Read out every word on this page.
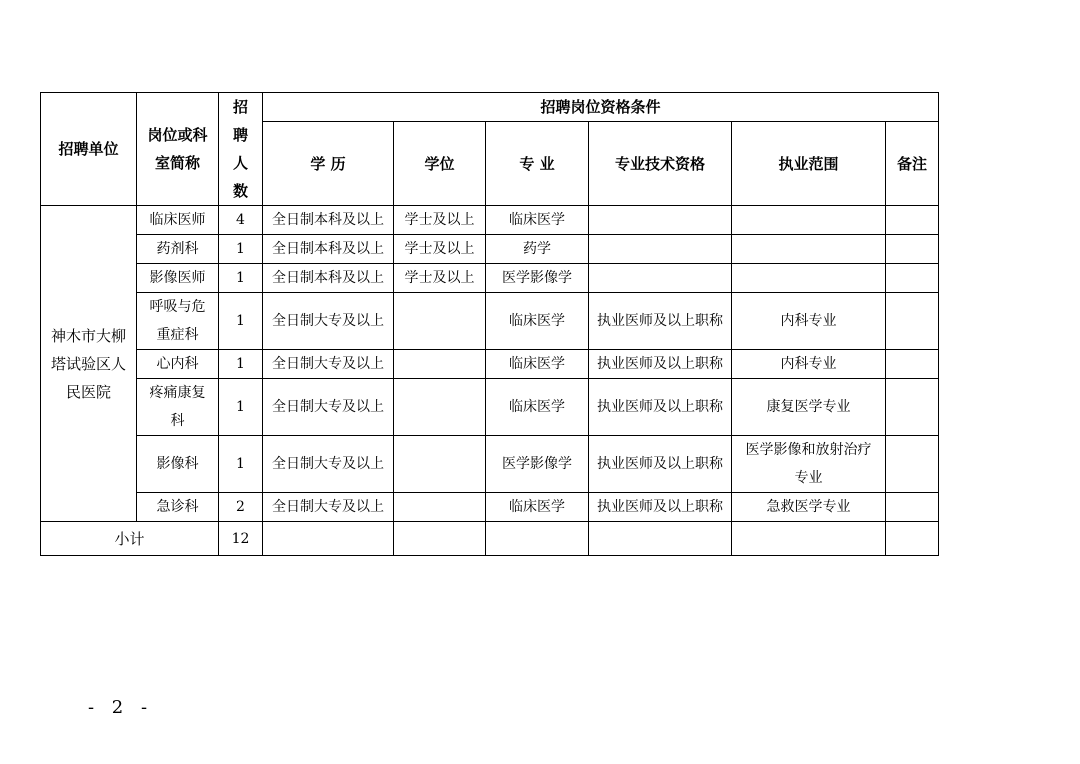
招聘单位	岗位或科
室简称	招
聘
人
数	招聘岗位资格条件					
			学 历	学位	专 业	专业技术资格	执业范围	备注

神木市大柳
塔试验区人
民医院	临床医师	4	全日制本科及以上	学士及以上	临床医学		

	药剂科	1	全日制本科及以上	学士及以上	药学		

	影像医师	1	全日制本科及以上	学士及以上	医学影像学		

	呼吸与危
重症科	1	全日制大专及以上		临床医学	执业医师及以上职称	内科专业	

	心内科	1	全日制大专及以上		临床医学	执业医师及以上职称	内科专业	

	疼痛康复
科	1	全日制大专及以上		临床医学	执业医师及以上职称	康复医学专业	

	影像科	1	全日制大专及以上		医学影像学	执业医师及以上职称	医学影像和放射治疗
专业	

	急诊科	2	全日制大专及以上		临床医学	执业医师及以上职称	急救医学专业	

小计		12						
- 2 -
